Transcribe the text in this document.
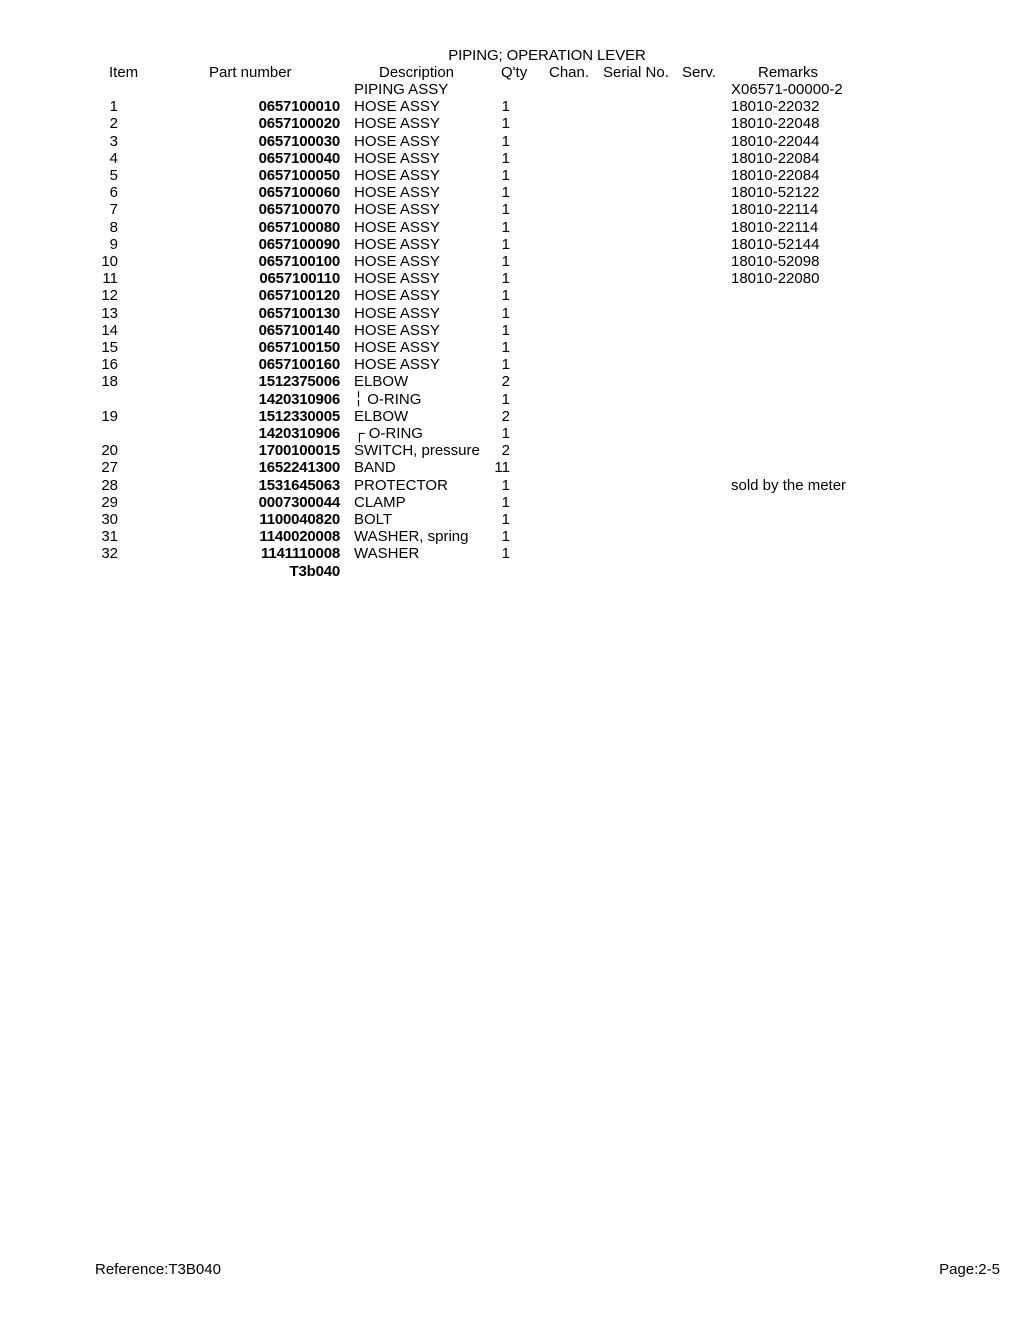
PIPING; OPERATION LEVER
Item	Part number	Description	Q'ty Chan. Serial No. Serv.	Remarks
PIPING ASSY	X06571-00000-2
1	0657100010 HOSE ASSY	1	18010-22032
2	0657100020 HOSE ASSY	1	18010-22048
3	0657100030 HOSE ASSY	1	18010-22044
4	0657100040 HOSE ASSY	1	18010-22084
5	0657100050 HOSE ASSY	1	18010-22084
6	0657100060 HOSE ASSY	1	18010-52122
7	0657100070 HOSE ASSY	1	18010-22114
8	0657100080 HOSE ASSY	1	18010-22114
9	0657100090 HOSE ASSY	1	18010-52144
10	0657100100 HOSE ASSY	1	18010-52098
11	0657100110 HOSE ASSY	1	18010-22080
12	0657100120 HOSE ASSY	1
13	0657100130 HOSE ASSY	1
14	0657100140 HOSE ASSY	1
15	0657100150 HOSE ASSY	1
16	0657100160 HOSE ASSY	1
18	1512375006 ELBOW	2
1420310906 ╎ O-RING	1
19	1512330005 ELBOW	2
1420310906 ┌ O-RING	1
20	1700100015 SWITCH, pressure	2
27	1652241300 BAND	11
28	1531645063 PROTECTOR	1	sold by the meter
29	0007300044 CLAMP	1
30	1100040820 BOLT	1
31	1140020008 WASHER, spring	1
32	1141110008 WASHER	1
T3b040
Reference:T3B040	Page:2-5
